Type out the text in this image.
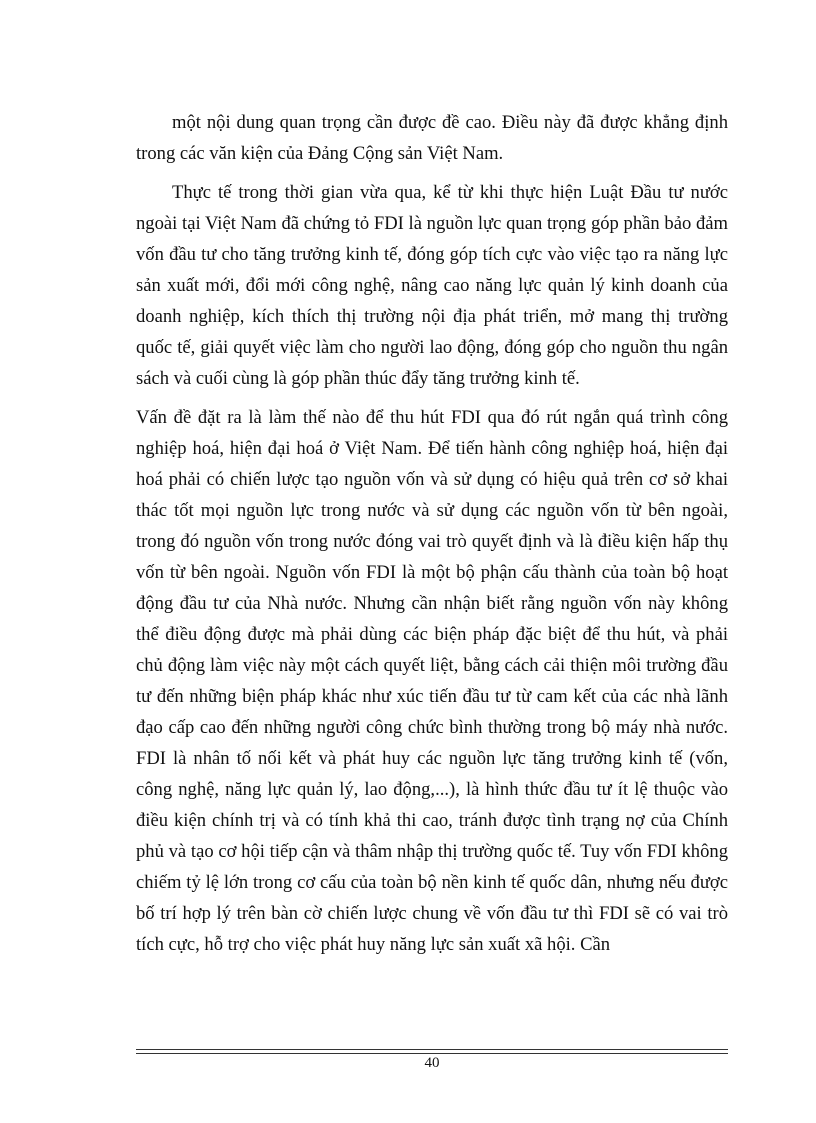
một nội dung quan trọng cần được đề cao. Điều này đã được khẳng định trong các văn kiện của Đảng Cộng sản Việt Nam.

Thực tế trong thời gian vừa qua, kể từ khi thực hiện Luật Đầu tư nước ngoài tại Việt Nam đã chứng tỏ FDI là nguồn lực quan trọng góp phần bảo đảm vốn đầu tư cho tăng trưởng kinh tế, đóng góp tích cực vào việc tạo ra năng lực sản xuất mới, đổi mới công nghệ, nâng cao năng lực quản lý kinh doanh của doanh nghiệp, kích thích thị trường nội địa phát triển, mở mang thị trường quốc tế, giải quyết việc làm cho người lao động, đóng góp cho nguồn thu ngân sách và cuối cùng là góp phần thúc đẩy tăng trưởng kinh tế.

Vấn đề đặt ra là làm thế nào để thu hút FDI qua đó rút ngắn quá trình công nghiệp hoá, hiện đại hoá ở Việt Nam. Để tiến hành công nghiệp hoá, hiện đại hoá phải có chiến lược tạo nguồn vốn và sử dụng có hiệu quả trên cơ sở khai thác tốt mọi nguồn lực trong nước và sử dụng các nguồn vốn từ bên ngoài, trong đó nguồn vốn trong nước đóng vai trò quyết định và là điều kiện hấp thụ vốn từ bên ngoài. Nguồn vốn FDI là một bộ phận cấu thành của toàn bộ hoạt động đầu tư của Nhà nước. Nhưng cần nhận biết rằng nguồn vốn này không thể điều động được mà phải dùng các biện pháp đặc biệt để thu hút, và phải chủ động làm việc này một cách quyết liệt, bằng cách cải thiện môi trường đầu tư đến những biện pháp khác như xúc tiến đầu tư từ cam kết của các nhà lãnh đạo cấp cao đến những người công chức bình thường trong bộ máy nhà nước. FDI là nhân tố nối kết và phát huy các nguồn lực tăng trưởng kinh tế (vốn, công nghệ, năng lực quản lý, lao động,...), là hình thức đầu tư ít lệ thuộc vào điều kiện chính trị và có tính khả thi cao, tránh được tình trạng nợ của Chính phủ và tạo cơ hội tiếp cận và thâm nhập thị trường quốc tế. Tuy vốn FDI không chiếm tỷ lệ lớn trong cơ cấu của toàn bộ nền kinh tế quốc dân, nhưng nếu được bố trí hợp lý trên bàn cờ chiến lược chung về vốn đầu tư thì FDI sẽ có vai trò tích cực, hỗ trợ cho việc phát huy năng lực sản xuất xã hội. Cần

40
